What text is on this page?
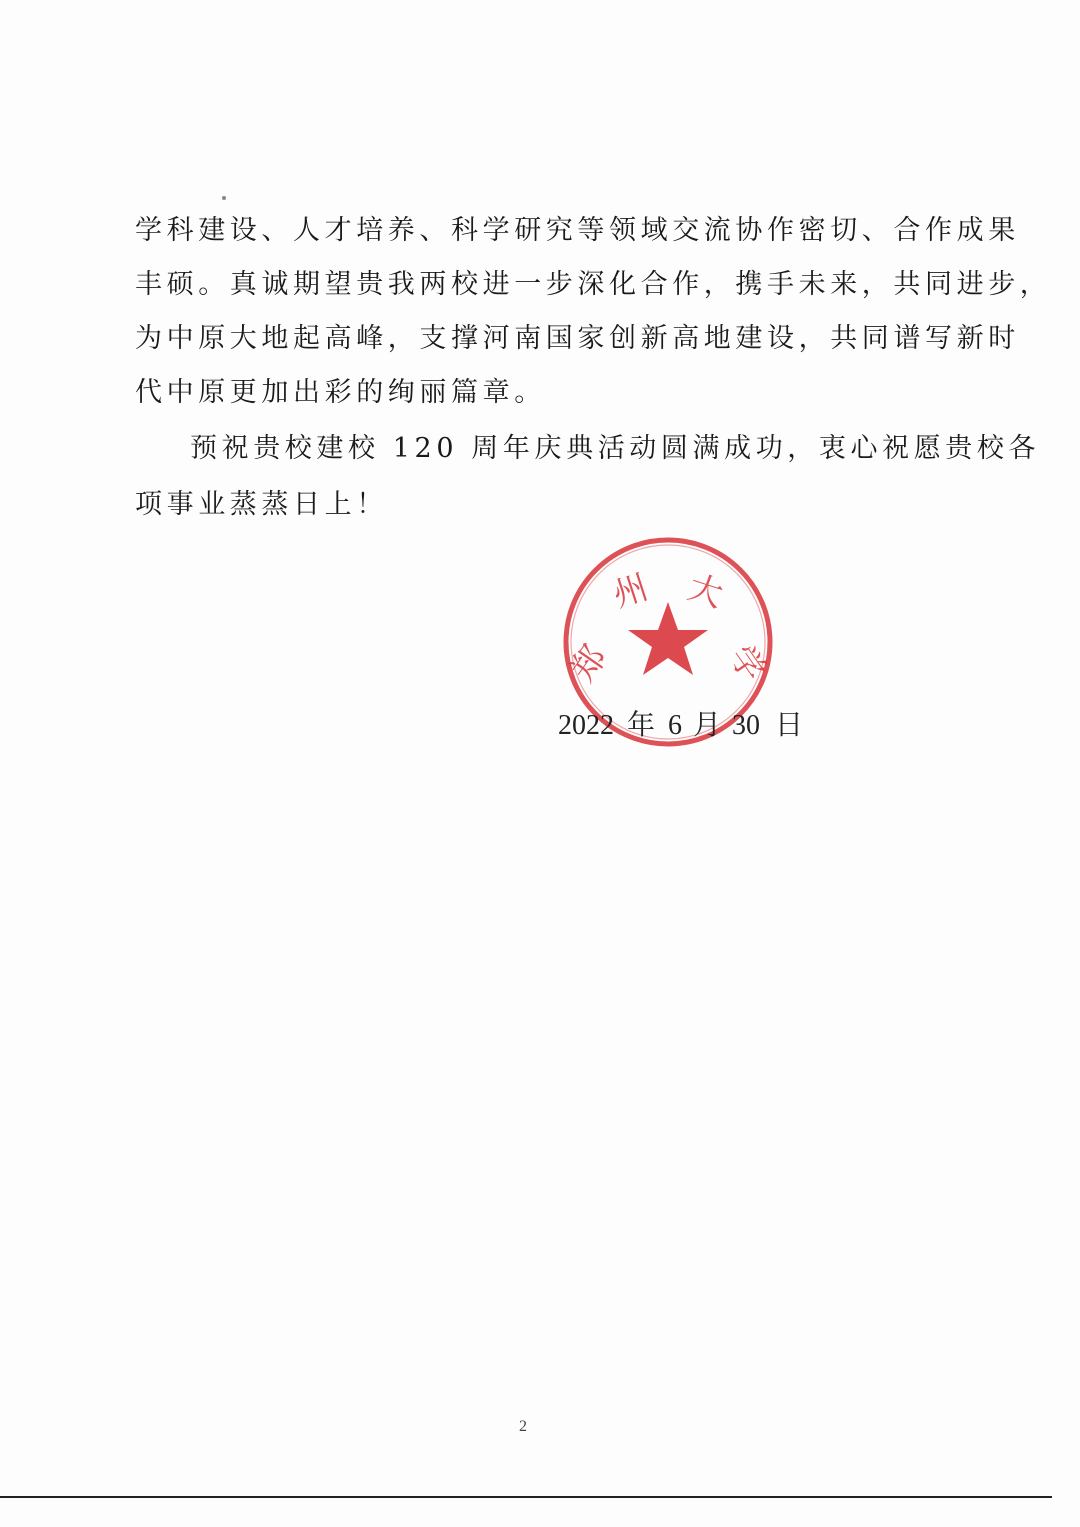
学科建设、人才培养、科学研究等领域交流协作密切、合作成果
丰硕。真诚期望贵我两校进一步深化合作，携手未来，共同进步，
为中原大地起高峰，支撑河南国家创新高地建设，共同谱写新时
代中原更加出彩的绚丽篇章。
预祝贵校建校 120 周年庆典活动圆满成功，衷心祝愿贵校各
项事业蒸蒸日上！
郑
州 大
学
2022 年 6 月 30 日
2
